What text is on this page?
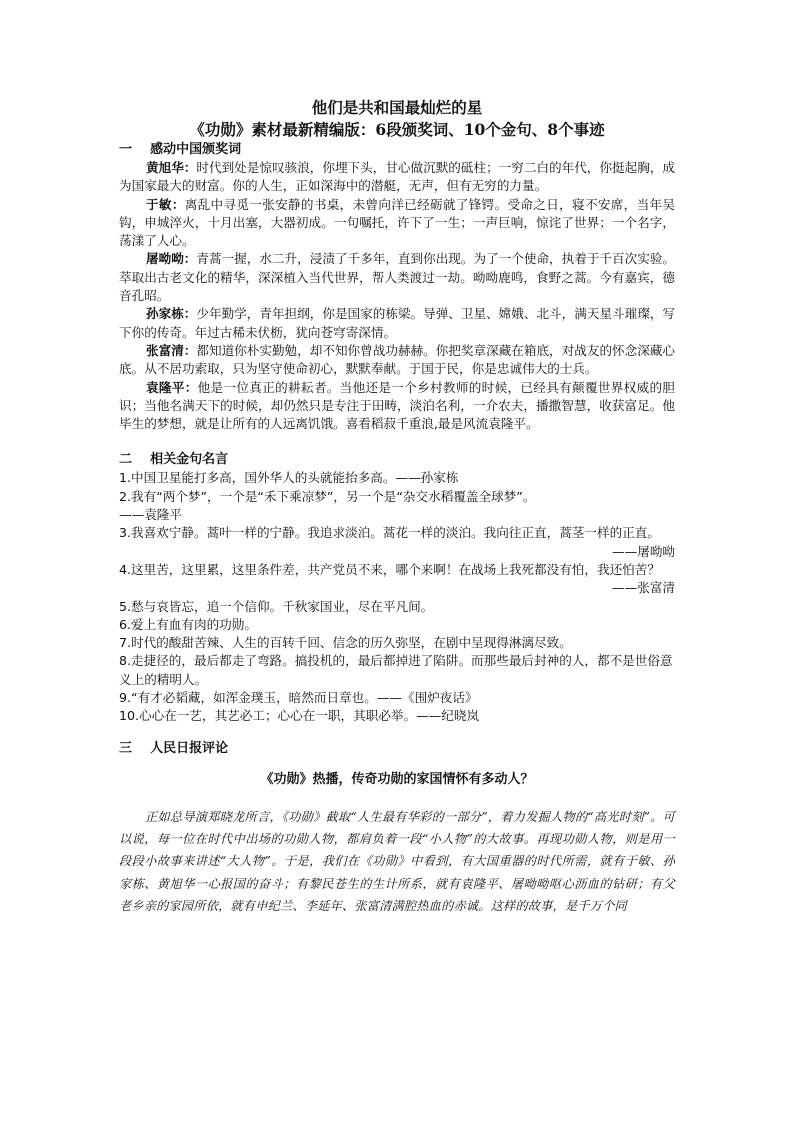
他们是共和国最灿烂的星

《功勋》素材最新精编版：6段颁奖词、10个金句、8个事迹

一    感动中国颁奖词

黄旭华：时代到处是惊叹骇浪，你埋下头，甘心做沉默的砥柱；一穷二白的年代，你挺起胸，成为国家最大的财富。你的人生，正如深海中的潜艇，无声，但有无穷的力量。

于敏：离乱中寻觅一张安静的书桌，未曾向洋已经砺就了锋锷。受命之日，寝不安席，当年吴钩，申城淬火，十月出塞，大器初成。一句嘱托，许下了一生；一声巨响，惊诧了世界；一个名字，荡漾了人心。

屠呦呦：青蒿一握，水二升，浸渍了千多年，直到你出现。为了一个使命，执着于千百次实验。萃取出古老文化的精华，深深植入当代世界，帮人类渡过一劫。呦呦鹿鸣，食野之蒿。今有嘉宾，德音孔昭。

孙家栋：少年勤学，青年担纲，你是国家的栋梁。导弹、卫星、嫦娥、北斗，满天星斗璀璨，写下你的传奇。年过古稀未伏枥，犹向苍穹寄深情。

张富清：都知道你朴实勤勉，却不知你曾战功赫赫。你把奖章深藏在箱底，对战友的怀念深藏心底。从不居功索取，只为坚守使命初心，默默奉献。于国于民，你是忠诚伟大的士兵。

袁隆平：他是一位真正的耕耘者。当他还是一个乡村教师的时候，已经具有颠覆世界权威的胆识；当他名满天下的时候，却仍然只是专注于田畴，淡泊名利，一介农夫，播撒智慧，收获富足。他毕生的梦想，就是让所有的人远离饥饿。喜看稻菽千重浪,最是风流袁隆平。

二    相关金句名言

1.中国卫星能打多高，国外华人的头就能抬多高。——孙家栋

2.我有“两个梦”，一个是“禾下乘凉梦”，另一个是“杂交水稻覆盖全球梦”。

——袁隆平

3.我喜欢宁静。蒿叶一样的宁静。我追求淡泊。蒿花一样的淡泊。我向往正直，蒿茎一样的正直。

——屠呦呦

4.这里苦，这里累，这里条件差，共产党员不来，哪个来啊！在战场上我死都没有怕，我还怕苦？

——张富清

5.愁与哀皆忘，追一个信仰。千秋家国业，尽在平凡间。

6.爱上有血有肉的功勋。

7.时代的酸甜苦辣、人生的百转千回、信念的历久弥坚，在剧中呈现得淋漓尽致。

8.走捷径的，最后都走了弯路。搞投机的，最后都掉进了陷阱。而那些最后封神的人，都不是世俗意义上的精明人。

9.“有才必韬藏，如浑金璞玉，暗然而日章也。——《围炉夜话》

10.心心在一艺，其艺必工；心心在一职，其职必举。——纪晓岚

三    人民日报评论

《功勋》热播，传奇功勋的家国情怀有多动人？

正如总导演郑晓龙所言，《功勋》截取“人生最有华彩的一部分”，着力发掘人物的“高光时刻”。可以说，每一位在时代中出场的功勋人物，都肩负着一段“小人物”的大故事。再现功勋人物，则是用一段段小故事来讲述“大人物”。于是，我们在《功勋》中看到，有大国重器的时代所需，就有于敏、孙家栋、黄旭华一心报国的奋斗；有黎民苍生的生计所系，就有袁隆平、屠呦呦呕心沥血的钻研；有父老乡亲的家园所依，就有申纪兰、李延年、张富清满腔热血的赤诚。这样的故事，是千万个同
